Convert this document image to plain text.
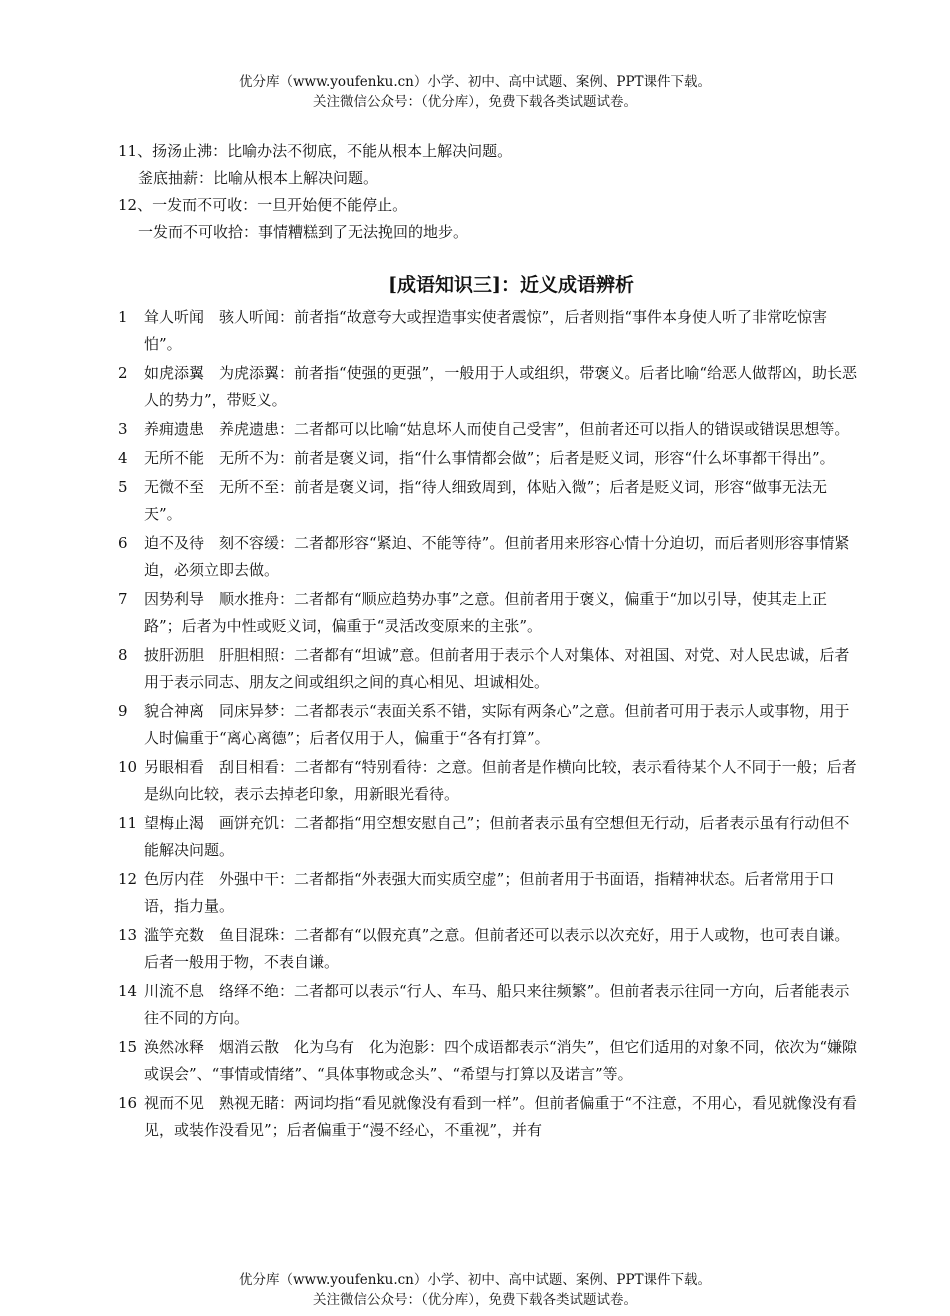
优分库（www.youfenku.cn）小学、初中、高中试题、案例、PPT课件下载。
关注微信公众号：（优分库），免费下载各类试题试卷。
11、扬汤止沸：比喻办法不彻底，不能从根本上解决问题。
釜底抽薪：比喻从根本上解决问题。
12、一发而不可收：一旦开始便不能停止。
一发而不可收拾：事情糟糕到了无法挽回的地步。
[成语知识三]：近义成语辨析
1 耸人听闻　骇人听闻：前者指“故意夸大或捏造事实使者震惊”，后者则指“事件本身使人听了非常吃惊害怕”。
2 如虎添翼　为虎添翼：前者指“使强的更强”，一般用于人或组织，带褒义。后者比喻“给恶人做帮凶，助长恶人的势力”，带贬义。
3 养痈遗患　养虎遗患：二者都可以比喻“姑息坏人而使自己受害”，但前者还可以指人的错误或错误思想等。
4 无所不能　无所不为：前者是褒义词，指“什么事情都会做”；后者是贬义词，形容“什么坏事都干得出”。
5 无微不至　无所不至：前者是褒义词，指“待人细致周到，体贴入微”；后者是贬义词，形容“做事无法无天”。
6 迫不及待　刻不容缓：二者都形容“紧迫、不能等待”。但前者用来形容心情十分迫切，而后者则形容事情紧迫，必须立即去做。
7 因势利导　顺水推舟：二者都有“顺应趋势办事”之意。但前者用于褒义，偏重于“加以引导，使其走上正路”；后者为中性或贬义词，偏重于“灵活改变原来的主张”。
8 披肝沥胆　肝胆相照：二者都有“坦诚”意。但前者用于表示个人对集体、对祖国、对党、对人民忠诚，后者用于表示同志、朋友之间或组织之间的真心相见、坦诚相处。
9 貌合神离　同床异梦：二者都表示“表面关系不错，实际有两条心”之意。但前者可用于表示人或事物，用于人时偏重于“离心离德”；后者仅用于人，偏重于“各有打算”。
10 另眼相看　刮目相看：二者都有“特别看待：之意。但前者是作横向比较，表示看待某个人不同于一般；后者是纵向比较，表示去掉老印象，用新眼光看待。
11 望梅止渴　画饼充饥：二者都指“用空想安慰自己”；但前者表示虽有空想但无行动，后者表示虽有行动但不能解决问题。
12 色厉内荏　外强中干：二者都指“外表强大而实质空虚”；但前者用于书面语，指精神状态。后者常用于口语，指力量。
13 滥竽充数　鱼目混珠：二者都有“以假充真”之意。但前者还可以表示以次充好，用于人或物，也可表自谦。后者一般用于物，不表自谦。
14 川流不息　络绎不绝：二者都可以表示“行人、车马、船只来往频繁”。但前者表示往同一方向，后者能表示往不同的方向。
15 涣然冰释　烟消云散　化为乌有　化为泡影：四个成语都表示“消失”，但它们适用的对象不同，依次为“嫌隙或误会”、“事情或情绪”、“具体事物或念头”、“希望与打算以及诺言”等。
16 视而不见　熟视无睹：两词均指“看见就像没有看到一样”。但前者偏重于“不注意，不用心，看见就像没有看见，或装作没看见”；后者偏重于“漫不经心，不重视”，并有
优分库（www.youfenku.cn）小学、初中、高中试题、案例、PPT课件下载。
关注微信公众号：（优分库），免费下载各类试题试卷。
